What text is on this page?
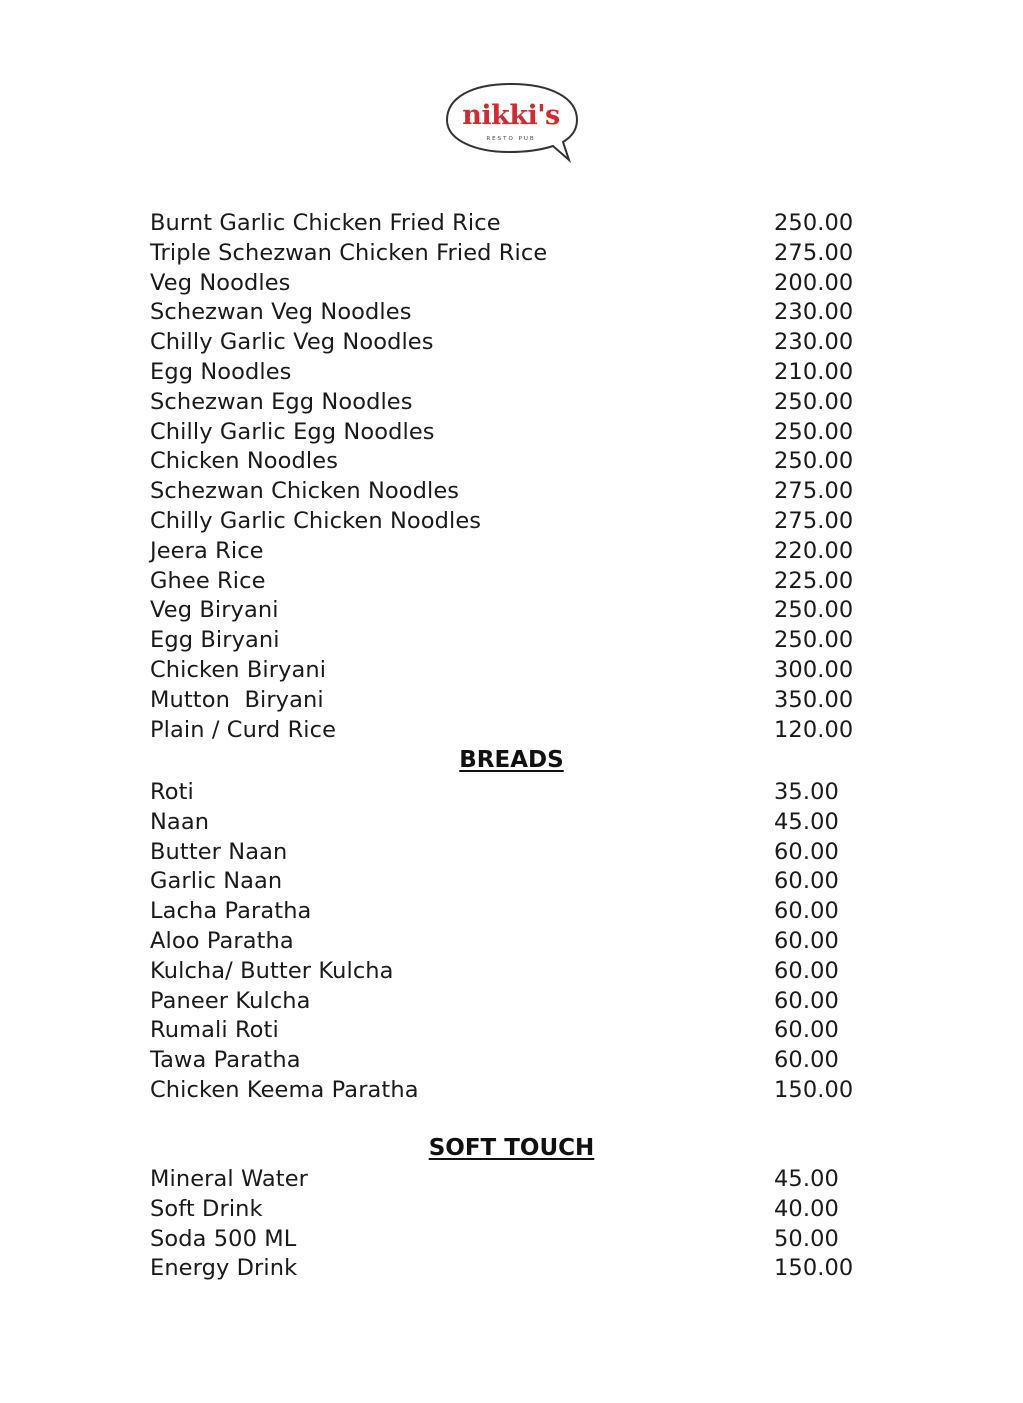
nikki's
RESTO PUB
Burnt Garlic Chicken Fried Rice	250.00
Triple Schezwan Chicken Fried Rice	275.00
Veg Noodles	200.00
Schezwan Veg Noodles	230.00
Chilly Garlic Veg Noodles	230.00
Egg Noodles	210.00
Schezwan Egg Noodles	250.00
Chilly Garlic Egg Noodles	250.00
Chicken Noodles	250.00
Schezwan Chicken Noodles	275.00
Chilly Garlic Chicken Noodles	275.00
Jeera Rice	220.00
Ghee Rice	225.00
Veg Biryani	250.00
Egg Biryani	250.00
Chicken Biryani	300.00
Mutton  Biryani	350.00
Plain / Curd Rice	120.00
BREADS
Roti	35.00
Naan	45.00
Butter Naan	60.00
Garlic Naan	60.00
Lacha Paratha	60.00
Aloo Paratha	60.00
Kulcha/ Butter Kulcha	60.00
Paneer Kulcha	60.00
Rumali Roti	60.00
Tawa Paratha	60.00
Chicken Keema Paratha	150.00
SOFT TOUCH
Mineral Water	45.00
Soft Drink	40.00
Soda 500 ML	50.00
Energy Drink	150.00
